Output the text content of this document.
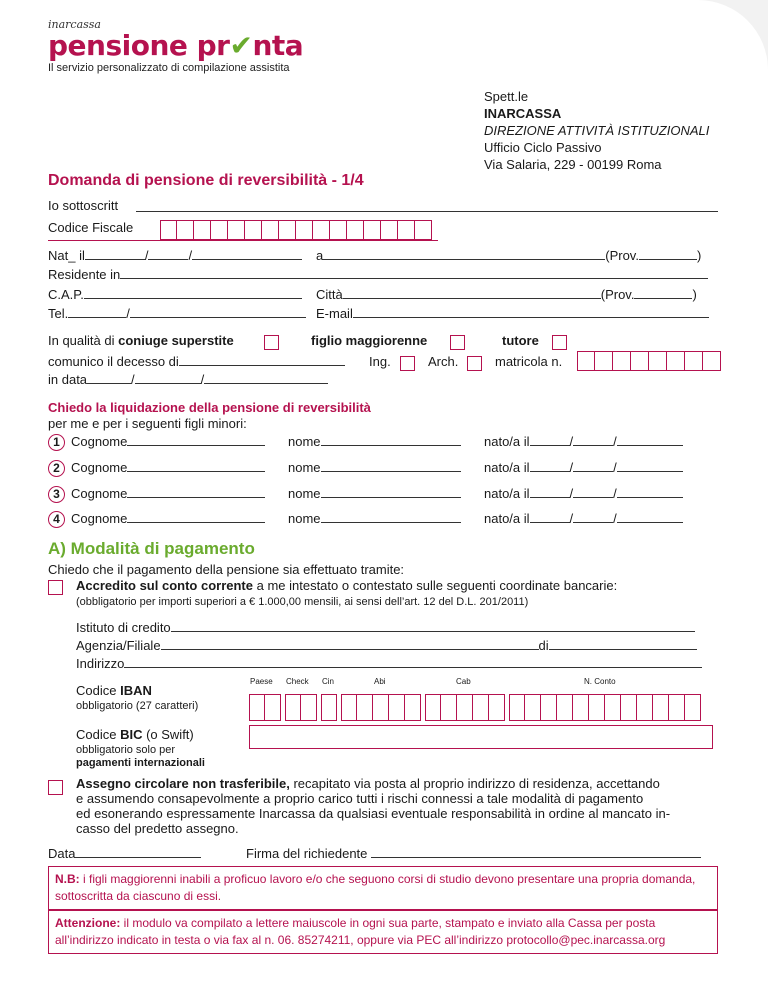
inarcassa
pensione pr✔nta
Il servizio personalizzato di compilazione assistita
Spett.le
INARCASSA
DIREZIONE ATTIVITÀ ISTITUZIONALI
Ufficio Ciclo Passivo
Via Salaria, 229 - 00199 Roma
Domanda di pensione di reversibilità - 1/4
Io sottoscritt
Codice Fiscale
Nat_ il	/	/	a	(Prov.	)
Residente in
C.A.P.	Città	(Prov.	)
Tel.	/	E-mail
In qualità di coniuge superstite	figlio maggiorenne	tutore
comunico il decesso di	Ing.	Arch.	matricola n.
in data	/	/
Chiedo la liquidazione della pensione di reversibilità
per me e per i seguenti figli minori:
1 Cognome	nome	nato/a il	/	/
2 Cognome	nome	nato/a il	/	/
3 Cognome	nome	nato/a il	/	/
4 Cognome	nome	nato/a il	/	/
A) Modalità di pagamento
Chiedo che il pagamento della pensione sia effettuato tramite:
Accredito sul conto corrente a me intestato o contestato sulle seguenti coordinate bancarie:
(obbligatorio per importi superiori a € 1.000,00 mensili, ai sensi dell’art. 12 del D.L. 201/2011)
Istituto di credito
Agenzia/Filiale	di
Indirizzo
Paese Check Cin	Abi	Cab	N. Conto
Codice IBAN
obbligatorio (27 caratteri)
Codice BIC (o Swift)
obbligatorio solo per
pagamenti internazionali
Assegno circolare non trasferibile, recapitato via posta al proprio indirizzo di residenza, accettando
e assumendo consapevolmente a proprio carico tutti i rischi connessi a tale modalità di pagamento
ed esonerando espressamente Inarcassa da qualsiasi eventuale responsabilità in ordine al mancato in-
casso del predetto assegno.
Data	Firma del richiedente
N.B: i figli maggiorenni inabili a proficuo lavoro e/o che seguono corsi di studio devono presentare una propria domanda, sottoscritta da ciascuno di essi.
Attenzione: il modulo va compilato a lettere maiuscole in ogni sua parte, stampato e inviato alla Cassa per posta all’indirizzo indicato in testa o via fax al n. 06. 85274211, oppure via PEC all’indirizzo protocollo@pec.inarcassa.org
